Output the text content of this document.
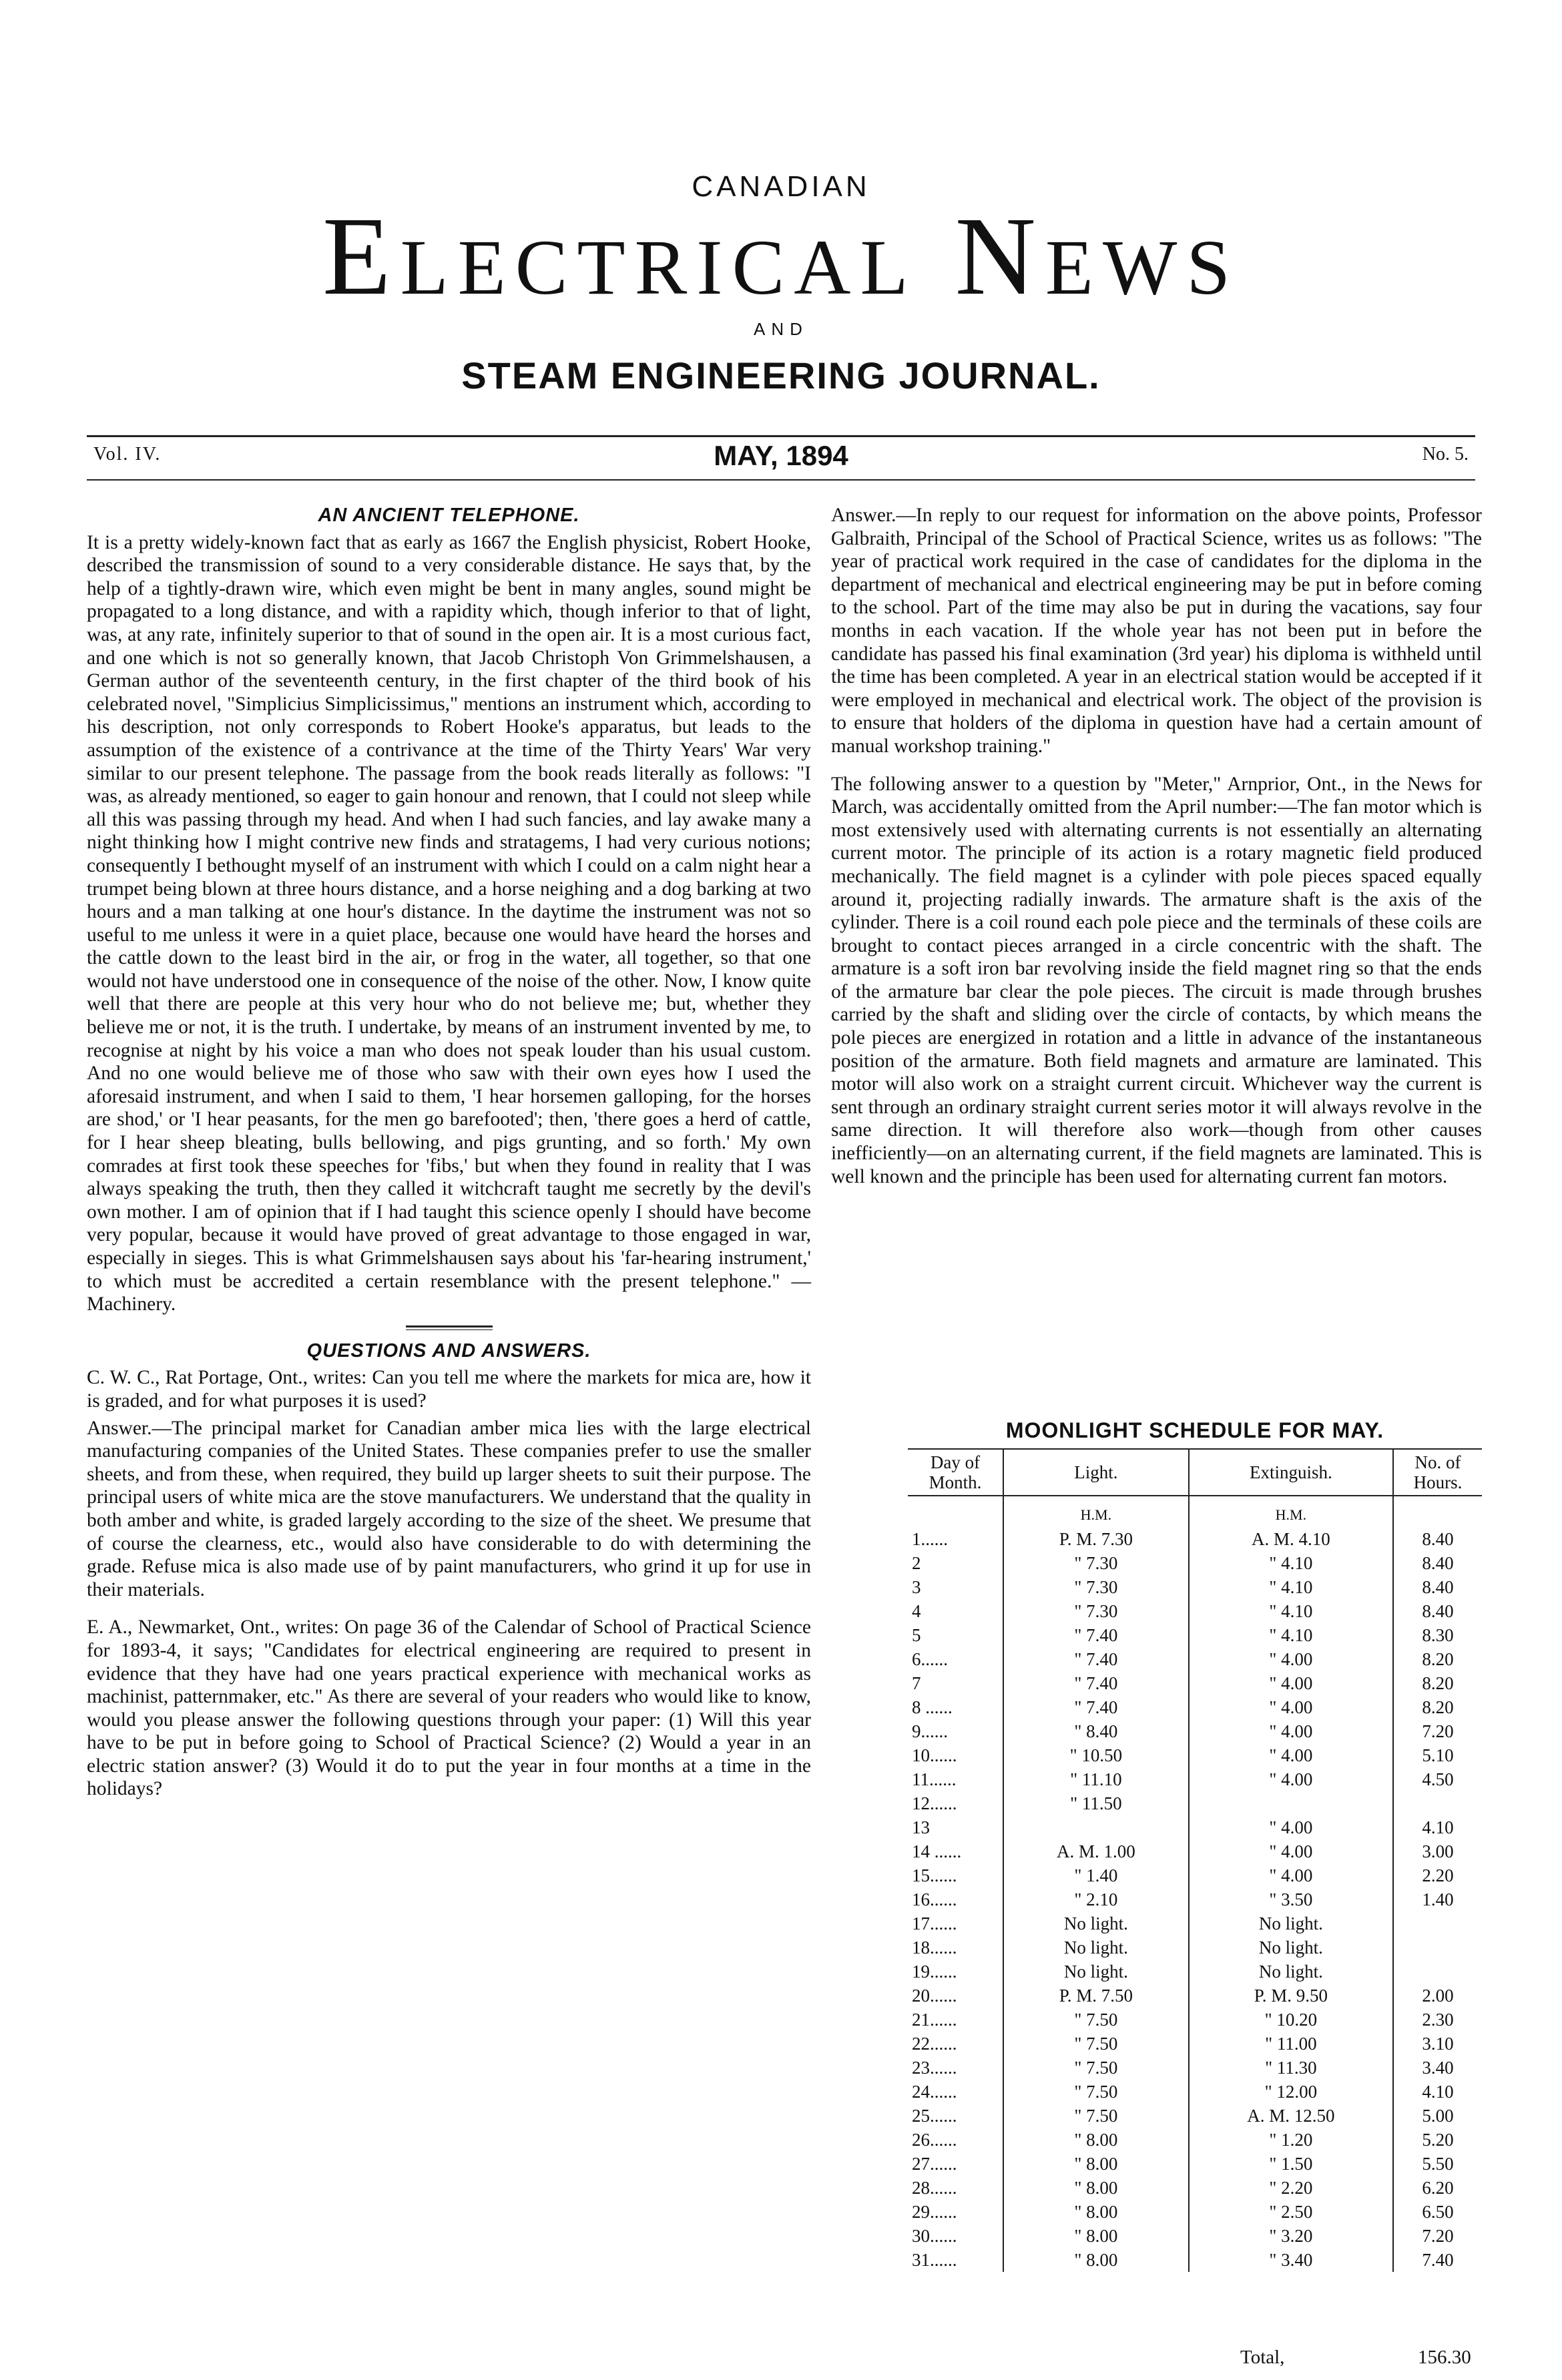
CANADIAN
Electrical News
AND
STEAM ENGINEERING JOURNAL.
Vol. IV.	MAY, 1894	No. 5.
AN ANCIENT TELEPHONE.

It is a pretty widely-known fact that as early as 1667 the English physicist, Robert Hooke, described the transmission of sound to a very considerable distance. He says that, by the help of a tightly-drawn wire, which even might be bent in many angles, sound might be propagated to a long distance, and with a rapidity which, though inferior to that of light, was, at any rate, infinitely superior to that of sound in the open air. It is a most curious fact, and one which is not so generally known, that Jacob Christoph Von Grimmelshausen, a German author of the seventeenth century, in the first chapter of the third book of his celebrated novel, "Simplicius Simplicissimus," mentions an instrument which, according to his description, not only corresponds to Robert Hooke's apparatus, but leads to the assumption of the existence of a contrivance at the time of the Thirty Years' War very similar to our present telephone. The passage from the book reads literally as follows: "I was, as already mentioned, so eager to gain honour and renown, that I could not sleep while all this was passing through my head. And when I had such fancies, and lay awake many a night thinking how I might contrive new finds and stratagems, I had very curious notions; consequently I bethought myself of an instrument with which I could on a calm night hear a trumpet being blown at three hours distance, and a horse neighing and a dog barking at two hours and a man talking at one hour's distance. In the daytime the instrument was not so useful to me unless it were in a quiet place, because one would have heard the horses and the cattle down to the least bird in the air, or frog in the water, all together, so that one would not have understood one in consequence of the noise of the other. Now, I know quite well that there are people at this very hour who do not believe me; but, whether they believe me or not, it is the truth. I undertake, by means of an instrument invented by me, to recognise at night by his voice a man who does not speak louder than his usual custom. And no one would believe me of those who saw with their own eyes how I used the aforesaid instrument, and when I said to them, 'I hear horsemen galloping, for the horses are shod,' or 'I hear peasants, for the men go barefooted'; then, 'there goes a herd of cattle, for I hear sheep bleating, bulls bellowing, and pigs grunting, and so forth.' My own comrades at first took these speeches for 'fibs,' but when they found in reality that I was always speaking the truth, then they called it witchcraft taught me secretly by the devil's own mother. I am of opinion that if I had taught this science openly I should have become very popular, because it would have proved of great advantage to those engaged in war, especially in sieges. This is what Grimmelshausen says about his 'far-hearing instrument,' to which must be accredited a certain resemblance with the present telephone." —Machinery.

QUESTIONS AND ANSWERS.

C. W. C., Rat Portage, Ont., writes: Can you tell me where the markets for mica are, how it is graded, and for what purposes it is used?

Answer.—The principal market for Canadian amber mica lies with the large electrical manufacturing companies of the United States. These companies prefer to use the smaller sheets, and from these, when required, they build up larger sheets to suit their purpose. The principal users of white mica are the stove manufacturers. We understand that the quality in both amber and white, is graded largely according to the size of the sheet. We presume that of course the clearness, etc., would also have considerable to do with determining the grade. Refuse mica is also made use of by paint manufacturers, who grind it up for use in their materials.

E. A., Newmarket, Ont., writes: On page 36 of the Calendar of School of Practical Science for 1893-4, it says; "Candidates for electrical engineering are required to present in evidence that they have had one years practical experience with mechanical works as machinist, patternmaker, etc." As there are several of your readers who would like to know, would you please answer the following questions through your paper: (1) Will this year have to be put in before going to School of Practical Science? (2) Would a year in an electric station answer? (3) Would it do to put the year in four months at a time in the holidays?

Answer.—In reply to our request for information on the above points, Professor Galbraith, Principal of the School of Practical Science, writes us as follows: "The year of practical work required in the case of candidates for the diploma in the department of mechanical and electrical engineering may be put in before coming to the school. Part of the time may also be put in during the vacations, say four months in each vacation. If the whole year has not been put in before the candidate has passed his final examination (3rd year) his diploma is withheld until the time has been completed. A year in an electrical station would be accepted if it were employed in mechanical and electrical work. The object of the provision is to ensure that holders of the diploma in question have had a certain amount of manual workshop training."

The following answer to a question by "Meter," Arnprior, Ont., in the News for March, was accidentally omitted from the April number:—The fan motor which is most extensively used with alternating currents is not essentially an alternating current motor. The principle of its action is a rotary magnetic field produced mechanically. The field magnet is a cylinder with pole pieces spaced equally around it, projecting radially inwards. The armature shaft is the axis of the cylinder. There is a coil round each pole piece and the terminals of these coils are brought to contact pieces arranged in a circle concentric with the shaft. The armature is a soft iron bar revolving inside the field magnet ring so that the ends of the armature bar clear the pole pieces. The circuit is made through brushes carried by the shaft and sliding over the circle of contacts, by which means the pole pieces are energized in rotation and a little in advance of the instantaneous position of the armature. Both field magnets and armature are laminated. This motor will also work on a straight current circuit. Whichever way the current is sent through an ordinary straight current series motor it will always revolve in the same direction. It will therefore also work—though from other causes inefficiently—on an alternating current, if the field magnets are laminated. This is well known and the principle has been used for alternating current fan motors.

MOONLIGHT SCHEDULE FOR MAY.
Day of Month.	Light.	Extinguish.	No. of Hours.
	H.M.	H.M.	
1......	P. M. 7.30	A. M. 4.10	8.40
2	" 7.30	" 4.10	8.40
3	" 7.30	" 4.10	8.40
4	" 7.30	" 4.10	8.40
5	" 7.40	" 4.10	8.30
6......	" 7.40	" 4.00	8.20
7	" 7.40	" 4.00	8.20
8 ......	" 7.40	" 4.00	8.20
9......	" 8.40	" 4.00	7.20
10......	" 10.50	" 4.00	5.10
11......	" 11.10	" 4.00	4.50
12......	" 11.50		
13		" 4.00	4.10
14 ......	A. M. 1.00	" 4.00	3.00
15......	" 1.40	" 4.00	2.20
16......	" 2.10	" 3.50	1.40
17......	No light.	No light.	
18......	No light.	No light.	
19......	No light.	No light.	
20......	P. M. 7.50	P. M. 9.50	2.00
21......	" 7.50	" 10.20	2.30
22......	" 7.50	" 11.00	3.10
23......	" 7.50	" 11.30	3.40
24......	" 7.50	" 12.00	4.10
25......	" 7.50	A. M. 12.50	5.00
26......	" 8.00	" 1.20	5.20
27......	" 8.00	" 1.50	5.50
28......	" 8.00	" 2.20	6.20
29......	" 8.00	" 2.50	6.50
30......	" 8.00	" 3.20	7.20
31......	" 8.00	" 3.40	7.40
Total,	156.30
